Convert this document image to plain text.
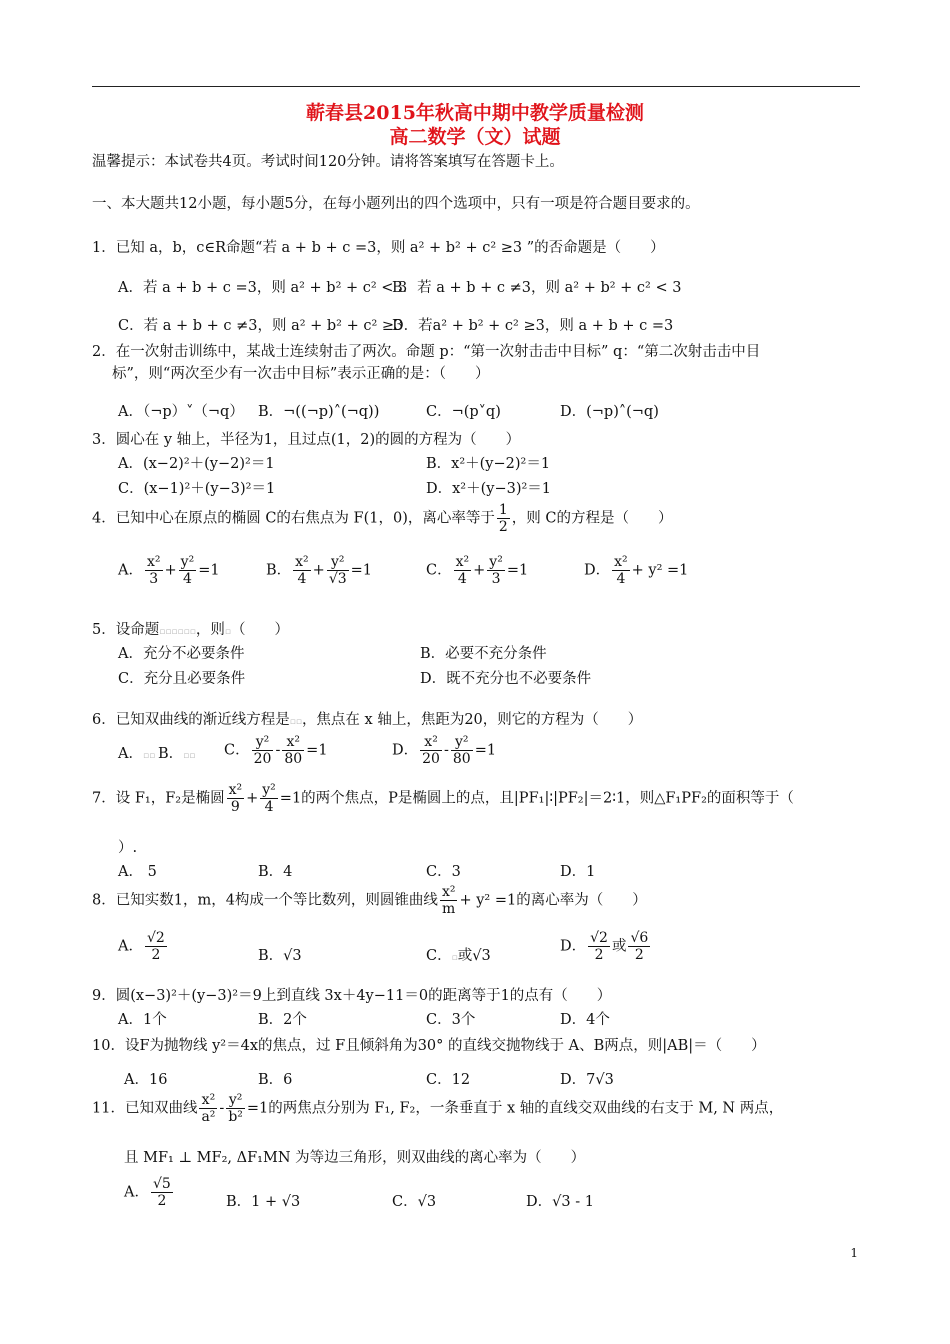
蕲春县2015年秋高中期中教学质量检测
高二数学（文）试题
温馨提示：本试卷共4页。考试时间120分钟。请将答案填写在答题卡上。
一、本大题共12小题，每小题5分，在每小题列出的四个选项中，只有一项是符合题目要求的。
1．已知 a，b，c∈R命题“若 a + b + c =3，则 a² + b² + c² ≥3 ”的否命题是（　　）
A．若 a + b + c =3，则 a² + b² + c² < 3
B．若 a + b + c ≠3，则 a² + b² + c² < 3
C．若 a + b + c ≠3，则 a² + b² + c² ≥3
D．若a² + b² + c² ≥3，则 a + b + c =3
2．在一次射击训练中，某战士连续射击了两次。命题 p：“第一次射击击中目标” q：“第二次射击击中目
标”，则“两次至少有一次击中目标”表示正确的是：（　　）
A．（¬p）˅（¬q） B．¬((¬p)˄(¬q))	C．¬(p˅q)	D．(¬p)˄(¬q)
3．圆心在 y 轴上，半径为1，且过点(1，2)的圆的方程为（　　）
A．(x−2)²＋(y−2)²＝1	B．x²＋(y−2)²＝1
C．(x−1)²＋(y−3)²＝1	D．x²＋(y−3)²＝1
4．已知中心在原点的椭圆 C的右焦点为 F(1，0)，离心率等于 $\frac{1}{2}$ ，则 C的方程是（　　）
A． $\frac{\text{x²}}{3} + \frac{\text{y²}}{4} =1$	B． $\frac{\text{x²}}{4} + \frac{\text{y²}}{√3} =1$	C． $\frac{\text{x²}}{4} + \frac{\text{y²}}{3} =1$	D． $\frac{\text{x²}}{4} + y^2 =1$
5．设命题▫▫▫▫▫▫，则▫（　　）
A．充分不必要条件	B．必要不充分条件
C．充分且必要条件	D．既不充分也不必要条件
6．已知双曲线的渐近线方程是▫▫，焦点在 x 轴上，焦距为20，则它的方程为（　　）
A．▫▫ B．▫▫ C． $\frac{\text{y²}}{20} - \frac{\text{x²}}{80} =1$	D． $\frac{\text{x²}}{20} - \frac{\text{y²}}{80} =1$
7．设 F₁，F₂是椭圆 $\frac{\text{x²}}{9} + \frac{\text{y²}}{4} =1$的两个焦点，P是椭圆上的点，且|PF₁|∶|PF₂|＝2∶1，则△F₁PF₂的面积等于（
）.
A． 5	B．4	C．3	D．1
8．已知实数1，m，4构成一个等比数列，则圆锥曲线 $\frac{\text{x²}}{m} + y^2 =1$的离心率为（　　）
A． $\frac{√2}{2}$	B．√3	C．▫或√3
D． $\frac{√2}{2}$ 或 $\frac{√6}{2}$
9．圆(x−3)²＋(y−3)²＝9上到直线 3x＋4y−11＝0的距离等于1的点有（　　）
A．1个	B．2个	C．3个	D．4个
10．设F为抛物线 y²＝4x的焦点，过 F且倾斜角为30° 的直线交抛物线于 A、B两点，则|AB|＝（　　）
A．16	B．6	C．12	D．7√3
11．已知双曲线 $\frac{\text{x²}}{\text{a²}} - \frac{\text{y²}}{\text{b²}} =1$的两焦点分别为 F₁, F₂，一条垂直于 x 轴的直线交双曲线的右支于 M, N 两点，
且 MF₁ ⊥ MF₂, ΔF₁MN 为等边三角形，则双曲线的离心率为（　　）
A． $\frac{√5}{2}$	B．1 + √3	C．√3	D．√3 - 1
1
